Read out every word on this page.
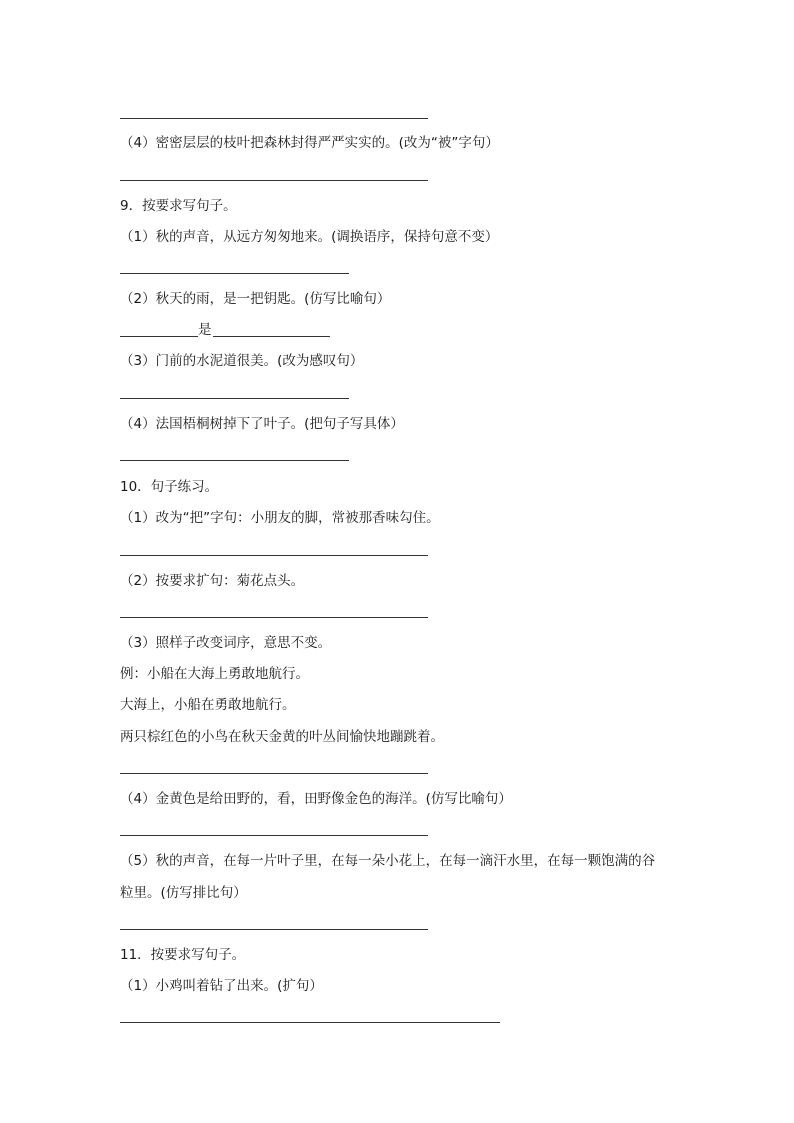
（4）密密层层的枝叶把森林封得严严实实的。(改为“被”字句）
9．按要求写句子。
（1）秋的声音，从远方匆匆地来。(调换语序，保持句意不变）
（2）秋天的雨，是一把钥匙。(仿写比喻句）
是
（3）门前的水泥道很美。(改为感叹句）
（4）法国梧桐树掉下了叶子。(把句子写具体）
10．句子练习。
（1）改为“把”字句：小朋友的脚，常被那香味勾住。
（2）按要求扩句：菊花点头。
（3）照样子改变词序，意思不变。
例：小船在大海上勇敢地航行。
大海上，小船在勇敢地航行。
两只棕红色的小鸟在秋天金黄的叶丛间愉快地蹦跳着。
（4）金黄色是给田野的，看，田野像金色的海洋。(仿写比喻句）
（5）秋的声音，在每一片叶子里，在每一朵小花上，在每一滴汗水里，在每一颗饱满的谷
粒里。(仿写排比句）
11．按要求写句子。
（1）小鸡叫着钻了出来。(扩句）
